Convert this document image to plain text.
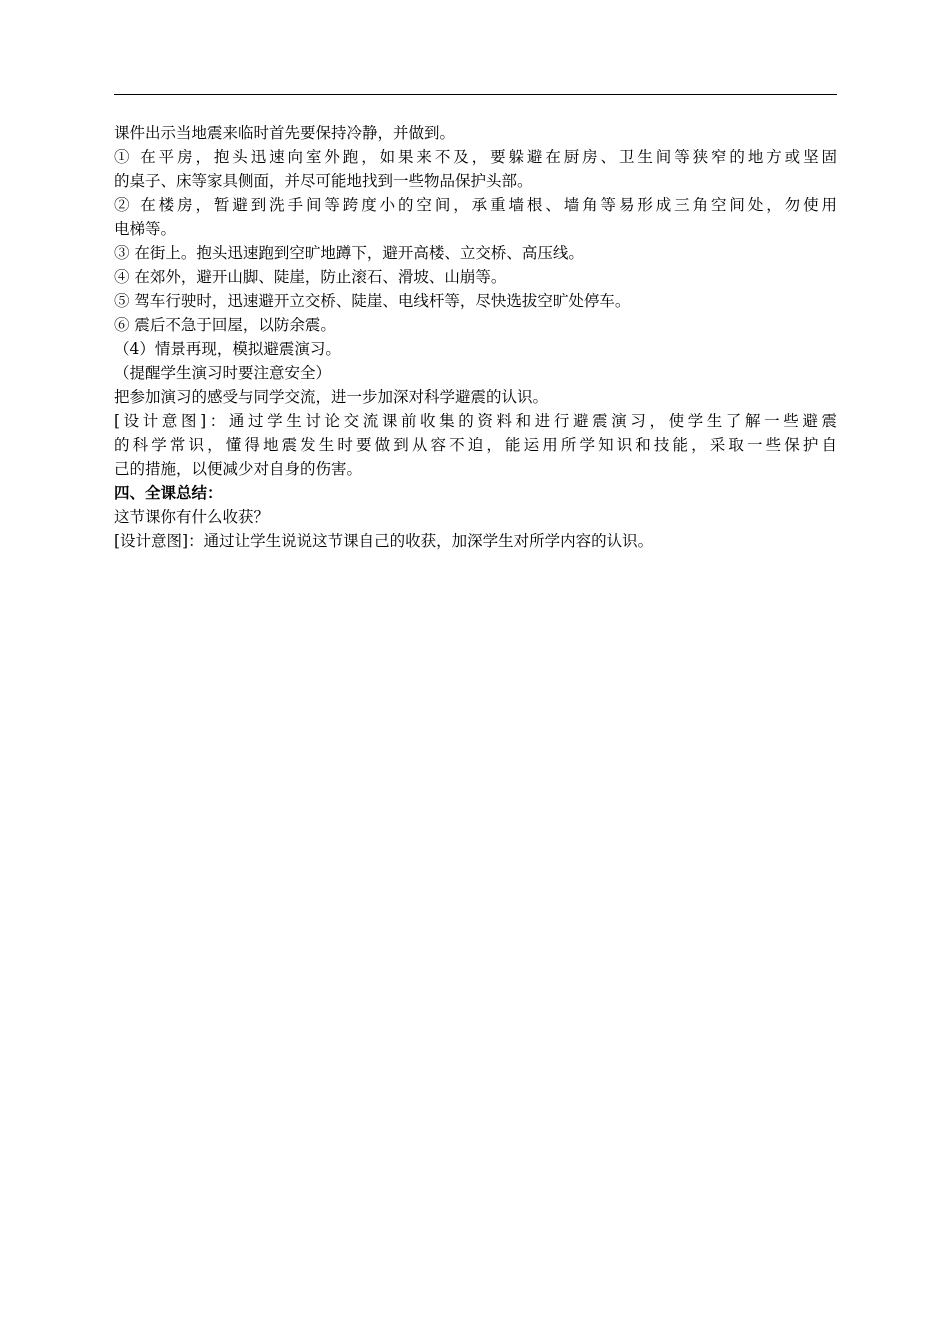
课件出示当地震来临时首先要保持冷静，并做到。

① 在平房，抱头迅速向室外跑，如果来不及，要躲避在厨房、卫生间等狭窄的地方或坚固

的桌子、床等家具侧面，并尽可能地找到一些物品保护头部。

② 在楼房，暂避到洗手间等跨度小的空间，承重墙根、墙角等易形成三角空间处，勿使用

电梯等。

③ 在街上。抱头迅速跑到空旷地蹲下，避开高楼、立交桥、高压线。

④ 在郊外，避开山脚、陡崖，防止滚石、滑坡、山崩等。

⑤ 驾车行驶时，迅速避开立交桥、陡崖、电线杆等，尽快选拔空旷处停车。

⑥ 震后不急于回屋，以防余震。

（4）情景再现，模拟避震演习。

（提醒学生演习时要注意安全）

把参加演习的感受与同学交流，进一步加深对科学避震的认识。

[设计意图]：通过学生讨论交流课前收集的资料和进行避震演习，使学生了解一些避震

的科学常识，懂得地震发生时要做到从容不迫，能运用所学知识和技能，采取一些保护自

己的措施，以便减少对自身的伤害。

四、全课总结：

这节课你有什么收获？

[设计意图]：通过让学生说说这节课自己的收获，加深学生对所学内容的认识。
